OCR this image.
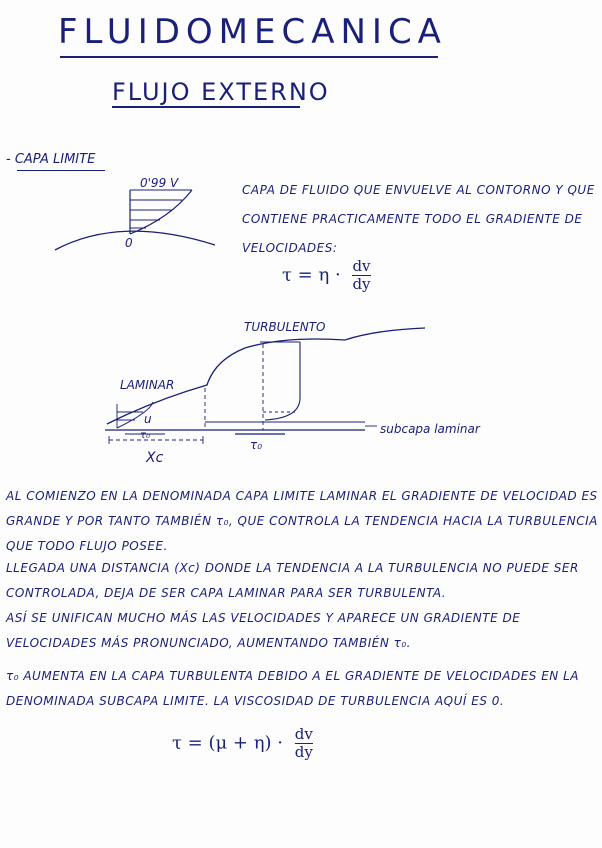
FLUIDOMECANICA
FLUJO EXTERNO
- CAPA LIMITE
0'99 V
0
CAPA DE FLUIDO QUE ENVUELVE AL CONTORNO Y QUE CONTIENE PRACTICAMENTE TODO EL GRADIENTE DE VELOCIDADES:
$\tau = \eta \cdot \frac{dv}{dy}$
TURBULENTO
LAMINAR
u
τ₀
Xc
τ₀
subcapa laminar
AL COMIENZO EN LA DENOMINADA CAPA LIMITE LAMINAR EL GRADIENTE DE VELOCIDAD ES GRANDE Y POR TANTO TAMBIÉN τ₀, QUE CONTROLA LA TENDENCIA HACIA LA TURBULENCIA QUE TODO FLUJO POSEE.
LLEGADA UNA DISTANCIA (Xc) DONDE LA TENDENCIA A LA TURBULENCIA NO PUEDE SER CONTROLADA, DEJA DE SER CAPA LAMINAR PARA SER TURBULENTA.
ASÍ SE UNIFICAN MUCHO MÁS LAS VELOCIDADES Y APARECE UN GRADIENTE DE VELOCIDADES MÁS PRONUNCIADO, AUMENTANDO TAMBIÉN τ₀.
τ₀ AUMENTA EN LA CAPA TURBULENTA DEBIDO A EL GRADIENTE DE VELOCIDADES EN LA DENOMINADA SUBCAPA LIMITE. LA VISCOSIDAD DE TURBULENCIA AQUÍ ES 0.
$\tau = (\mu + \eta) \cdot \frac{dv}{dy}$
